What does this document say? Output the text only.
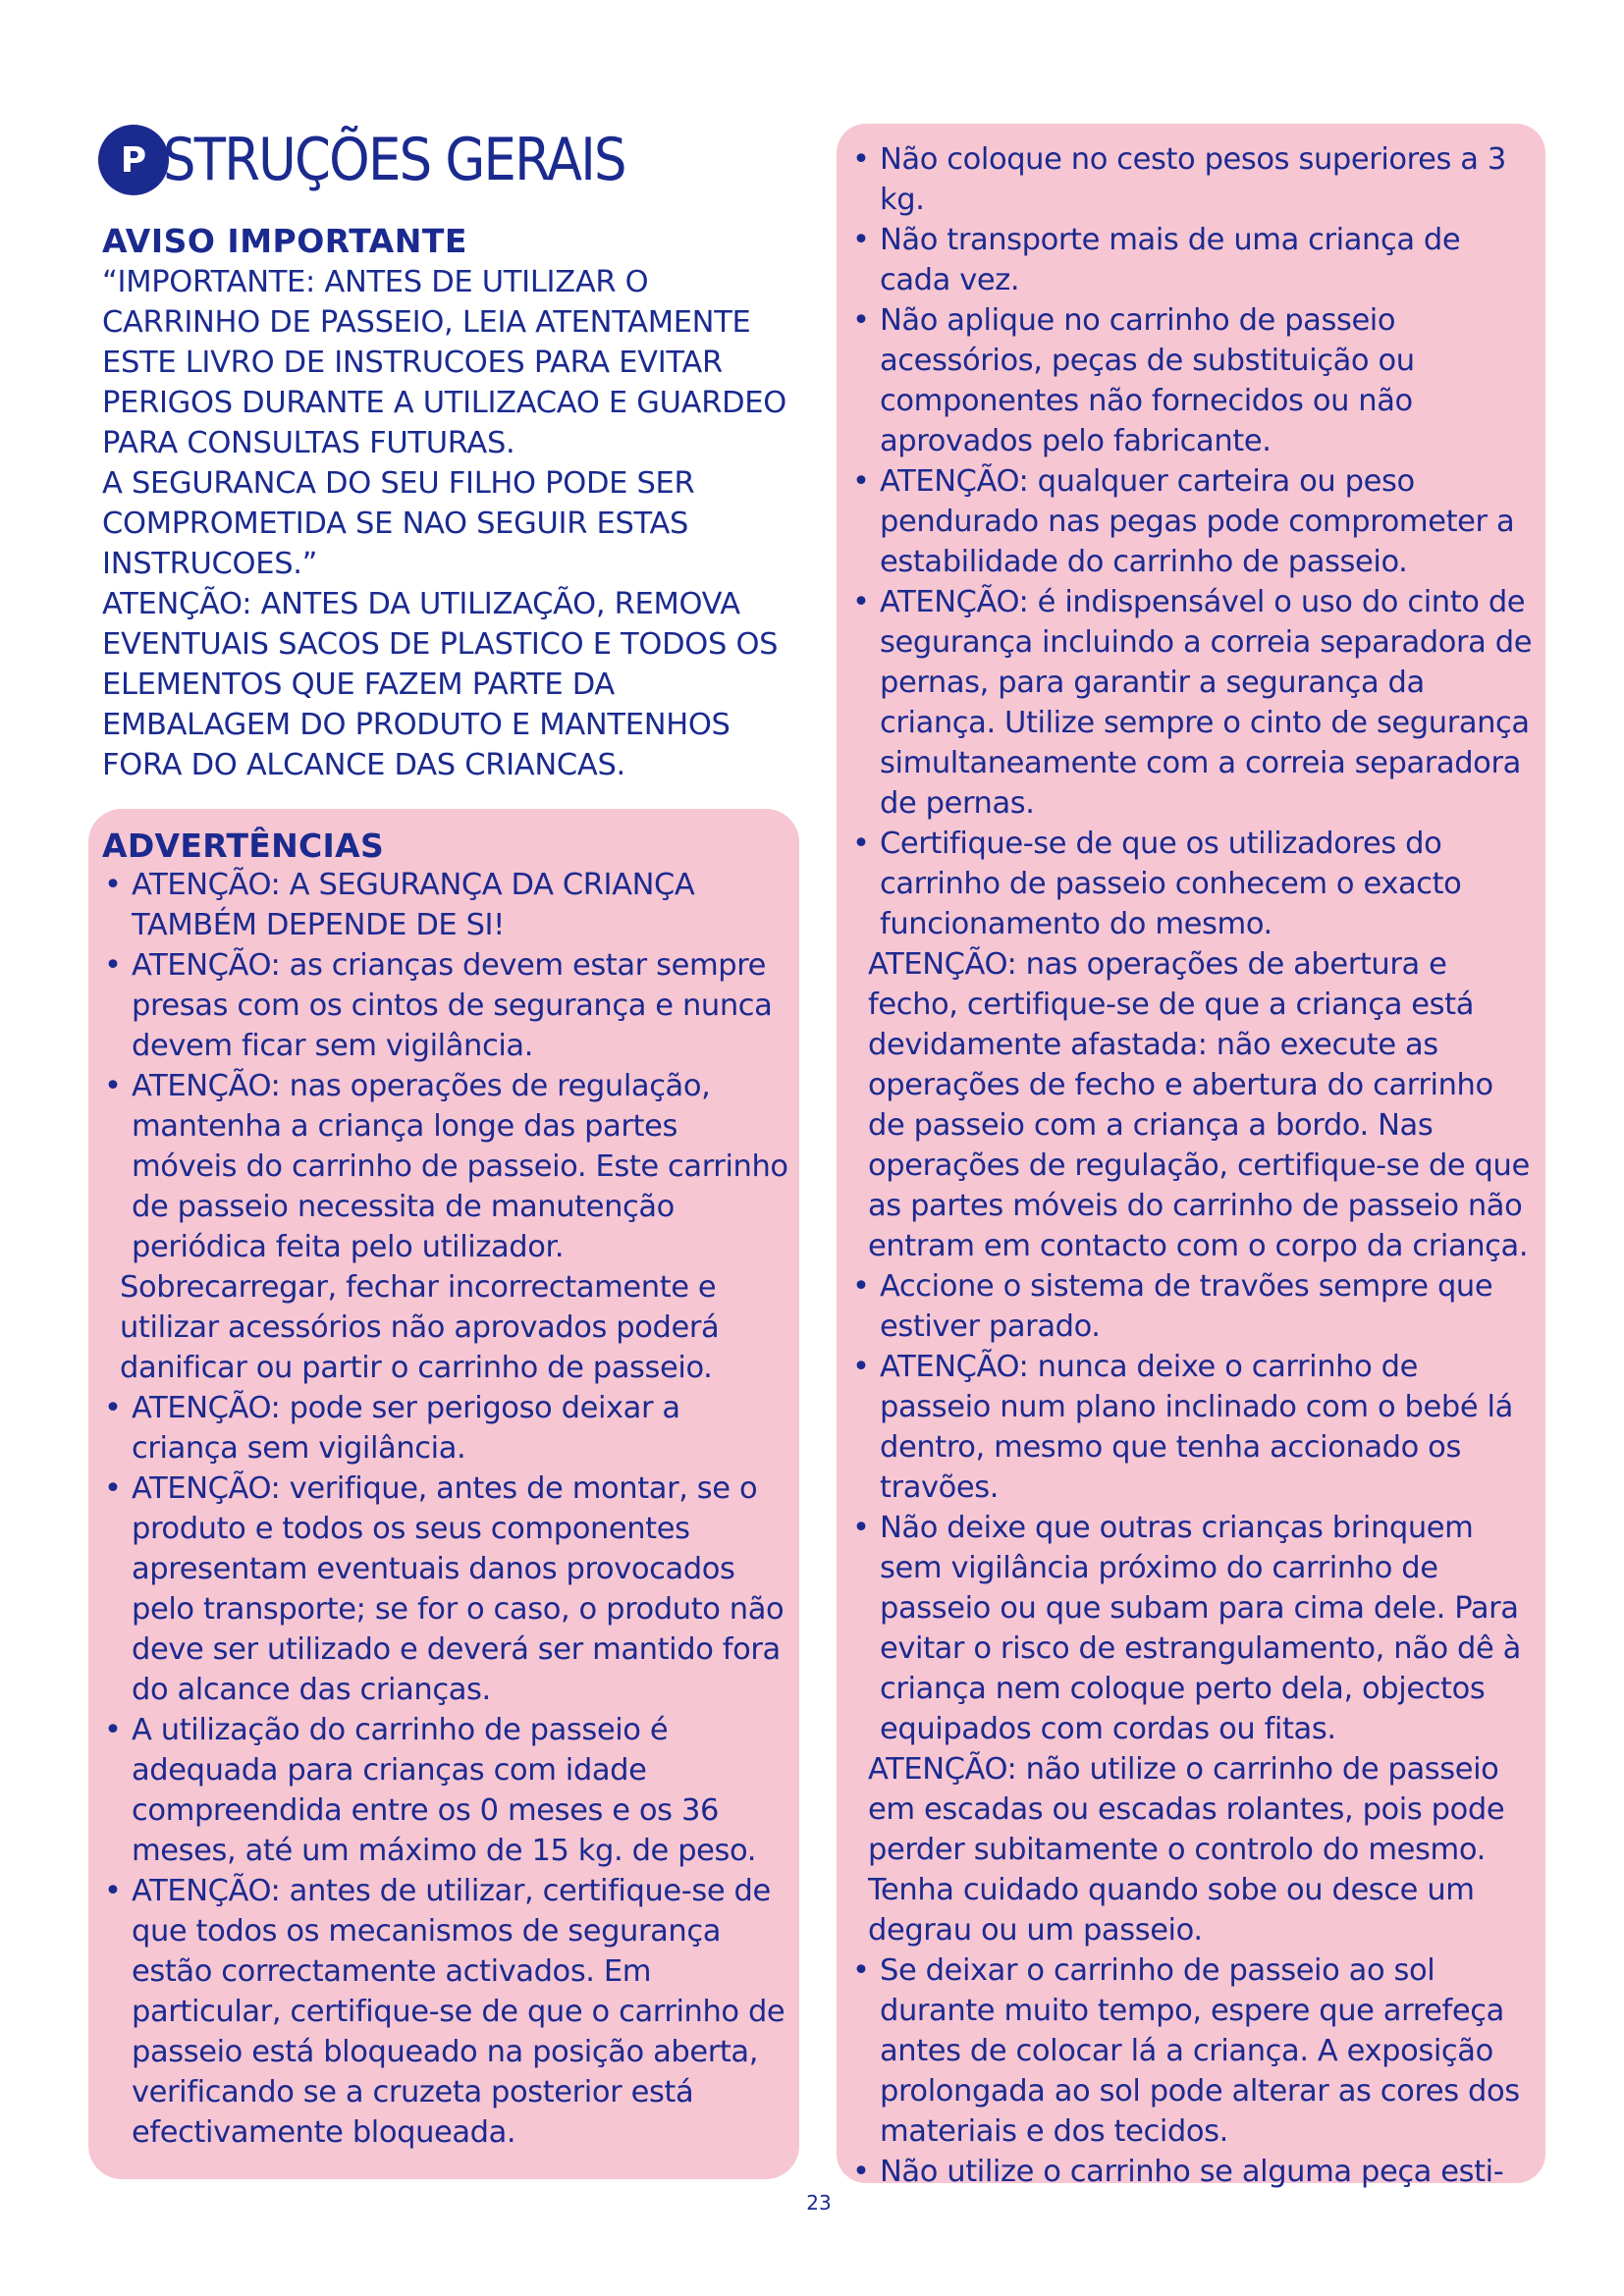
P STRUÇÕES GERAIS
AVISO IMPORTANTE

“IMPORTANTE: ANTES DE UTILIZAR O CARRINHO DE PASSEIO, LEIA ATENTAMENTE ESTE LIVRO DE INSTRUCOES PARA EVITAR PERIGOS DURANTE A UTILIZACAO E GUARDEO PARA CONSULTAS FUTURAS.

A SEGURANCA DO SEU FILHO PODE SER COMPROMETIDA SE NAO SEGUIR ESTAS INSTRUCOES.”

ATENÇÃO: ANTES DA UTILIZAÇÃO, REMOVA EVENTUAIS SACOS DE PLASTICO E TODOS OS ELEMENTOS QUE FAZEM PARTE DA EMBALAGEM DO PRODUTO E MANTENHOS FORA DO ALCANCE DAS CRIANCAS.

ADVERTÊNCIAS
• ATENÇÃO: A SEGURANÇA DA CRIANÇA TAMBÉM DEPENDE DE SI!
• ATENÇÃO: as crianças devem estar sempre presas com os cintos de segurança e nunca devem ficar sem vigilância.
• ATENÇÃO: nas operações de regulação, mantenha a criança longe das partes móveis do carrinho de passeio. Este carrinho de passeio necessita de manutenção periódica feita pelo utilizador.
Sobrecarregar, fechar incorrectamente e utilizar acessórios não aprovados poderá danificar ou partir o carrinho de passeio.
• ATENÇÃO: pode ser perigoso deixar a criança sem vigilância.
• ATENÇÃO: verifique, antes de montar, se o produto e todos os seus componentes apresentam eventuais danos provocados pelo transporte; se for o caso, o produto não deve ser utilizado e deverá ser mantido fora do alcance das crianças.
• A utilização do carrinho de passeio é adequada para crianças com idade compreendida entre os 0 meses e os 36 meses, até um máximo de 15 kg. de peso.
• ATENÇÃO: antes de utilizar, certifique-se de que todos os mecanismos de segurança estão correctamente activados. Em particular, certifique-se de que o carrinho de passeio está bloqueado na posição aberta, verificando se a cruzeta posterior está efectivamente bloqueada.
• Não coloque no cesto pesos superiores a 3 kg.
• Não transporte mais de uma criança de cada vez.
• Não aplique no carrinho de passeio acessórios, peças de substituição ou componentes não fornecidos ou não aprovados pelo fabricante.
• ATENÇÃO: qualquer carteira ou peso pendurado nas pegas pode comprometer a estabilidade do carrinho de passeio.
• ATENÇÃO: é indispensável o uso do cinto de segurança incluindo a correia separadora de pernas, para garantir a segurança da criança. Utilize sempre o cinto de segurança simultaneamente com a correia separadora de pernas.
• Certifique-se de que os utilizadores do carrinho de passeio conhecem o exacto funcionamento do mesmo.
ATENÇÃO: nas operações de abertura e fecho, certifique-se de que a criança está devidamente afastada: não execute as operações de fecho e abertura do carrinho de passeio com a criança a bordo. Nas operações de regulação, certifique-se de que as partes móveis do carrinho de passeio não entram em contacto com o corpo da criança.
• Accione o sistema de travões sempre que estiver parado.
• ATENÇÃO: nunca deixe o carrinho de passeio num plano inclinado com o bebé lá dentro, mesmo que tenha accionado os travões.
• Não deixe que outras crianças brinquem sem vigilância próximo do carrinho de passeio ou que subam para cima dele. Para evitar o risco de estrangulamento, não dê à criança nem coloque perto dela, objectos equipados com cordas ou fitas.
ATENÇÃO: não utilize o carrinho de passeio em escadas ou escadas rolantes, pois pode perder subitamente o controlo do mesmo. Tenha cuidado quando sobe ou desce um degrau ou um passeio.
• Se deixar o carrinho de passeio ao sol durante muito tempo, espere que arrefeça antes de colocar lá a criança. A exposição prolongada ao sol pode alterar as cores dos materiais e dos tecidos.
• Não utilize o carrinho se alguma peça esti-
23
